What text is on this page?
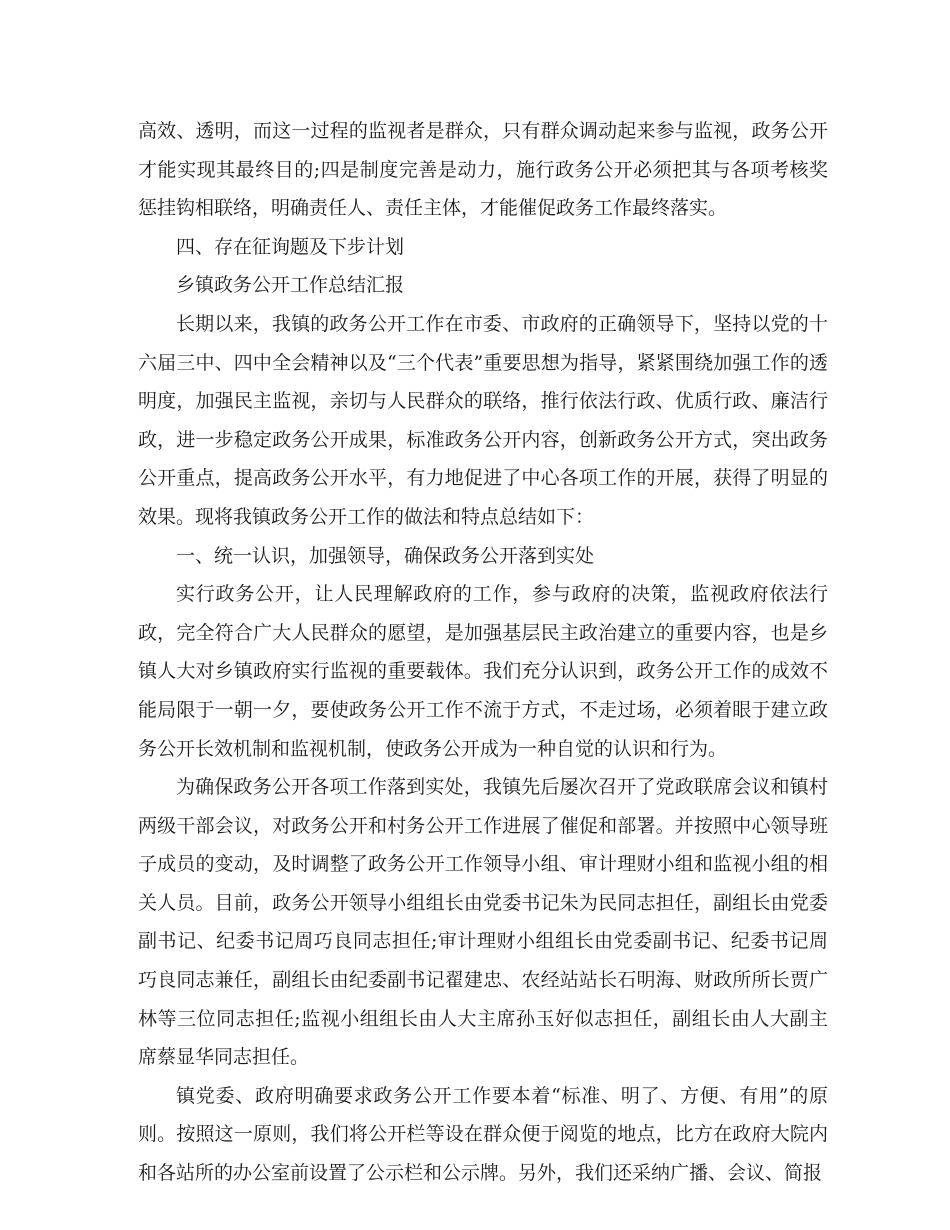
高效、透明，而这一过程的监视者是群众，只有群众调动起来参与监视，政务公开才能实现其最终目的;四是制度完善是动力，施行政务公开必须把其与各项考核奖惩挂钩相联络，明确责任人、责任主体，才能催促政务工作最终落实。

四、存在征询题及下步计划

乡镇政务公开工作总结汇报

长期以来，我镇的政务公开工作在市委、市政府的正确领导下，坚持以党的十六届三中、四中全会精神以及“三个代表”重要思想为指导，紧紧围绕加强工作的透明度，加强民主监视，亲切与人民群众的联络，推行依法行政、优质行政、廉洁行政，进一步稳定政务公开成果，标准政务公开内容，创新政务公开方式，突出政务公开重点，提高政务公开水平，有力地促进了中心各项工作的开展，获得了明显的效果。现将我镇政务公开工作的做法和特点总结如下：

一、统一认识，加强领导，确保政务公开落到实处

实行政务公开，让人民理解政府的工作，参与政府的决策，监视政府依法行政，完全符合广大人民群众的愿望，是加强基层民主政治建立的重要内容，也是乡镇人大对乡镇政府实行监视的重要载体。我们充分认识到，政务公开工作的成效不能局限于一朝一夕，要使政务公开工作不流于方式，不走过场，必须着眼于建立政务公开长效机制和监视机制，使政务公开成为一种自觉的认识和行为。

为确保政务公开各项工作落到实处，我镇先后屡次召开了党政联席会议和镇村两级干部会议，对政务公开和村务公开工作进展了催促和部署。并按照中心领导班子成员的变动，及时调整了政务公开工作领导小组、审计理财小组和监视小组的相关人员。目前，政务公开领导小组组长由党委书记朱为民同志担任，副组长由党委副书记、纪委书记周巧良同志担任;审计理财小组组长由党委副书记、纪委书记周巧良同志兼任，副组长由纪委副书记翟建忠、农经站站长石明海、财政所所长贾广林等三位同志担任;监视小组组长由人大主席孙玉好似志担任，副组长由人大副主席蔡显华同志担任。

镇党委、政府明确要求政务公开工作要本着“标准、明了、方便、有用”的原则。按照这一原则，我们将公开栏等设在群众便于阅览的地点，比方在政府大院内和各站所的办公室前设置了公示栏和公示牌。另外，我们还采纳广播、会议、简报
